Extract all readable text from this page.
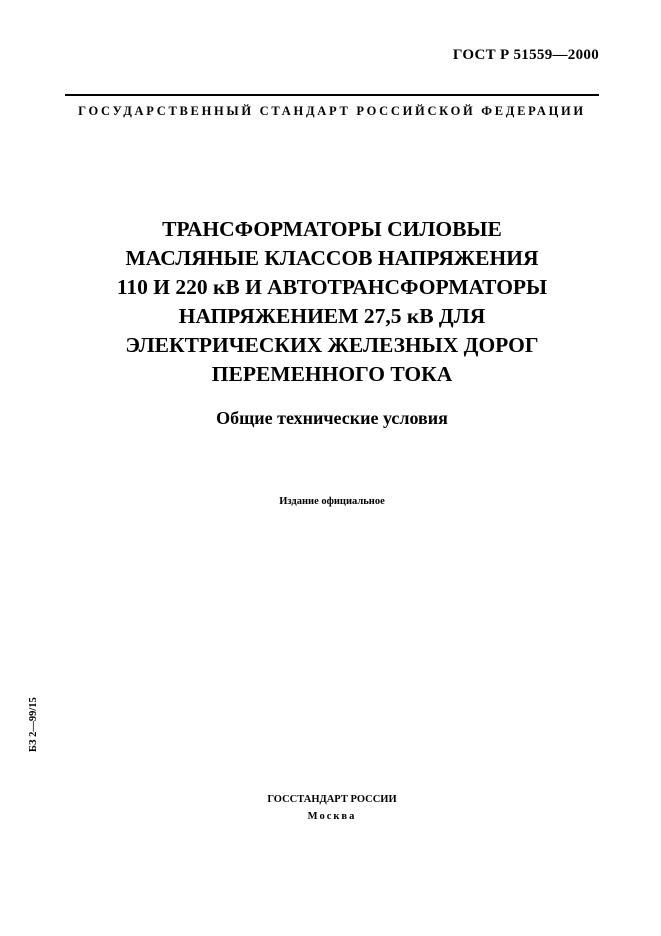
ГОСТ Р 51559—2000
ГОСУДАРСТВЕННЫЙ СТАНДАРТ РОССИЙСКОЙ ФЕДЕРАЦИИ
ТРАНСФОРМАТОРЫ СИЛОВЫЕ
МАСЛЯНЫЕ КЛАССОВ НАПРЯЖЕНИЯ
110 И 220 кВ И АВТОТРАНСФОРМАТОРЫ
НАПРЯЖЕНИЕМ 27,5 кВ ДЛЯ
ЭЛЕКТРИЧЕСКИХ ЖЕЛЕЗНЫХ ДОРОГ
ПЕРЕМЕННОГО ТОКА
Общие технические условия
Издание официальное
БЗ 2—99/15
ГОССТАНДАРТ РОССИИ
Москва
